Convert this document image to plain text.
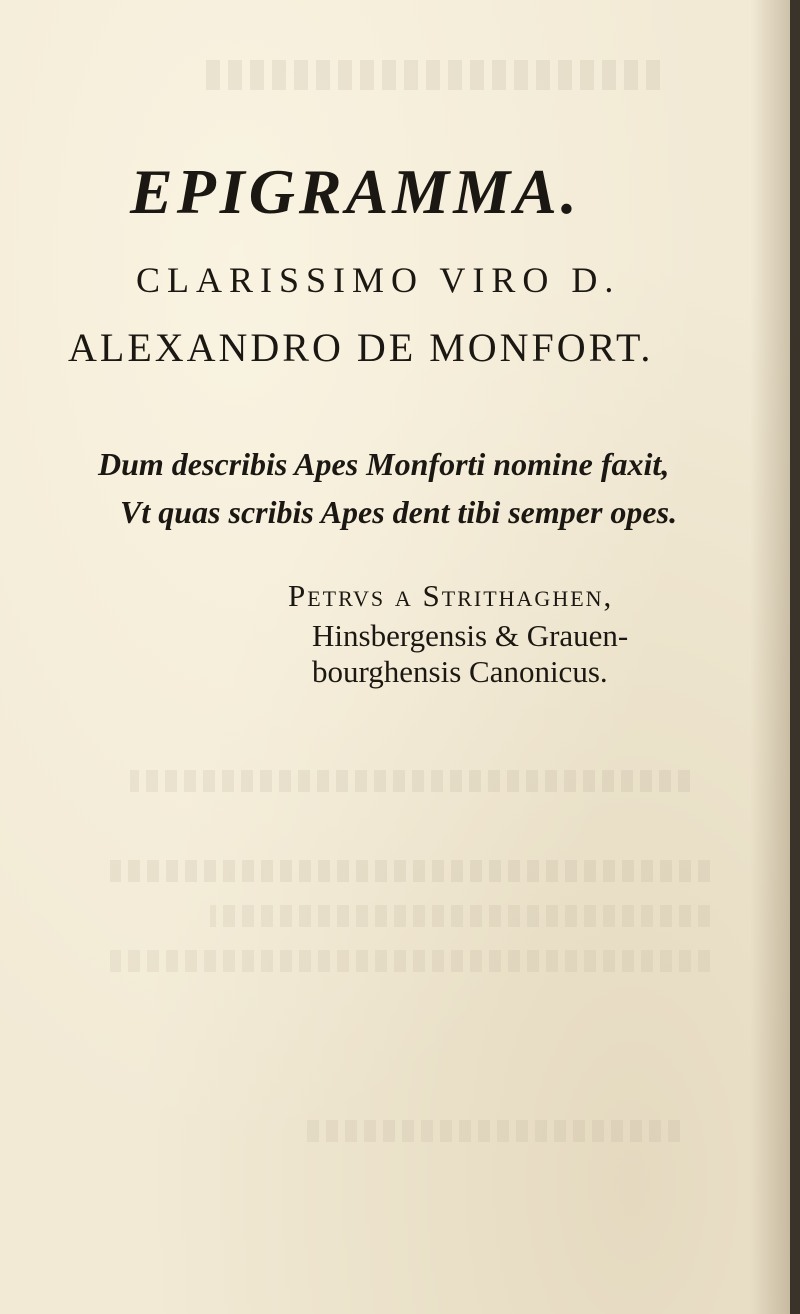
EPIGRAMMA.
CLARISSIMO VIRO D.
ALEXANDRO DE MONFORT.
Dum describis Apes Monforti nomine faxit,
Vt quas scribis Apes dent tibi semper opes.
Petrvs a Strithaghen,
Hinsbergensis & Grauen-
bourghensis Canonicus.
